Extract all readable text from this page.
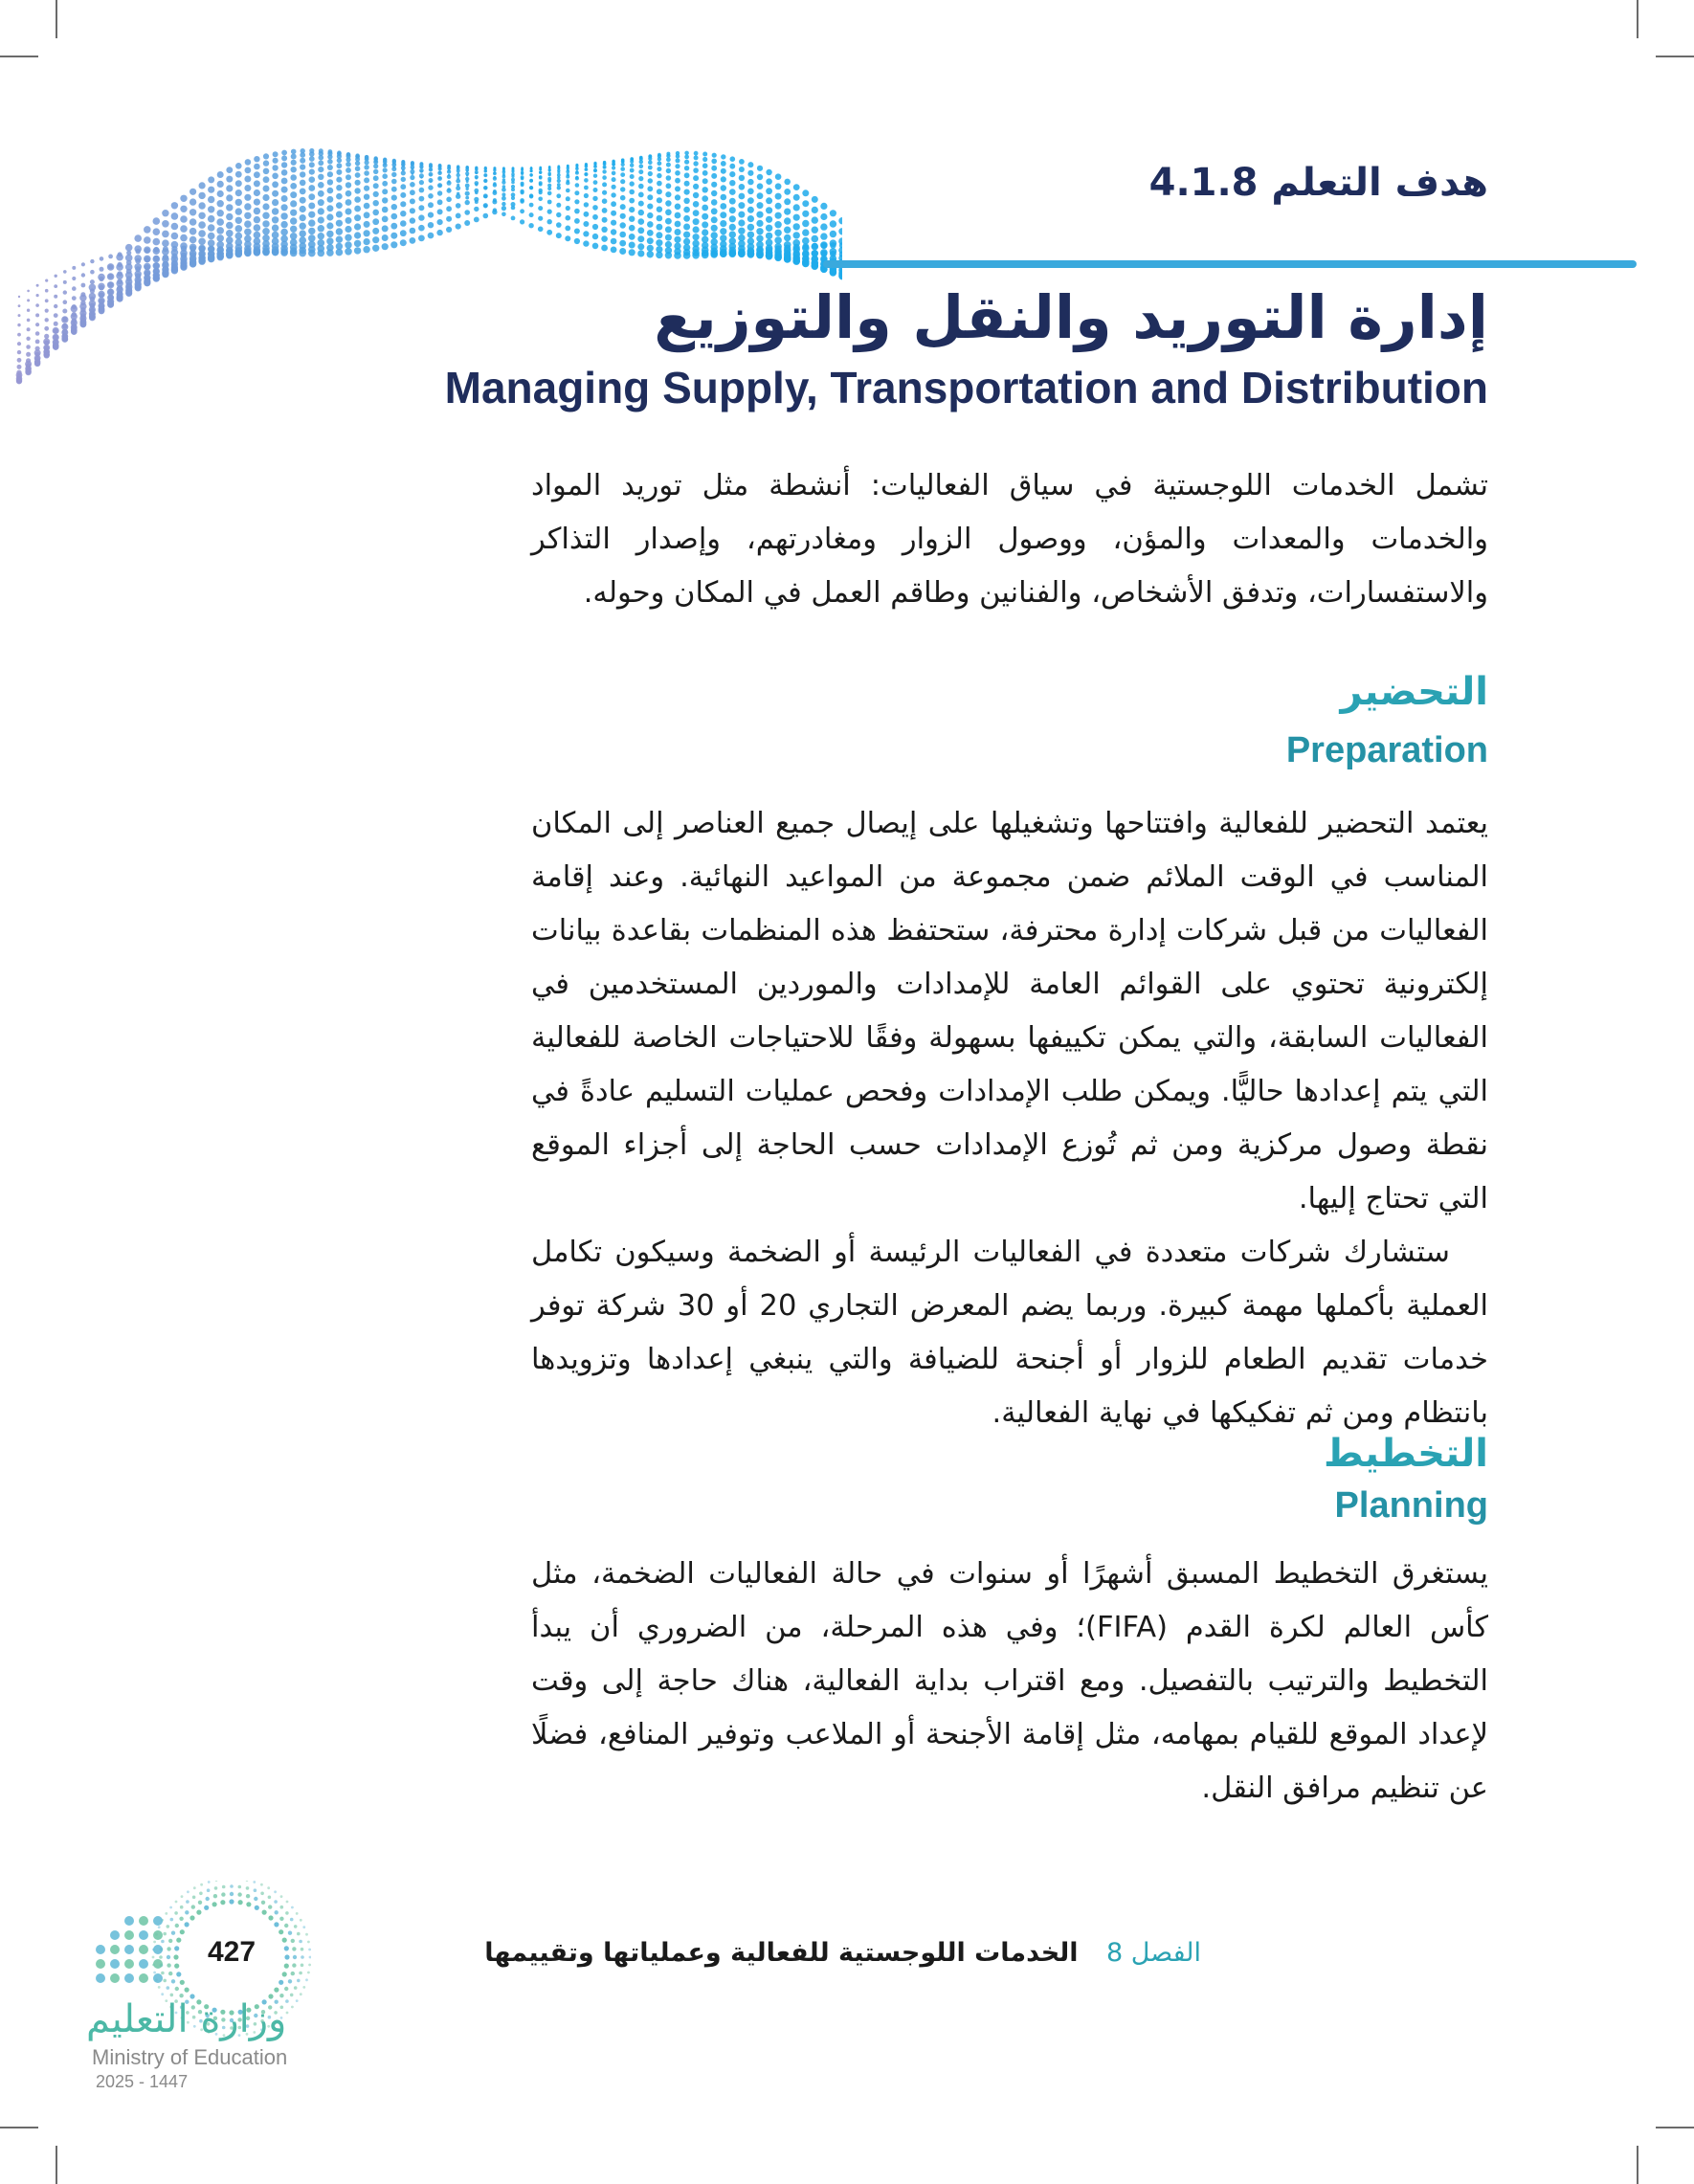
هدف التعلم 4.1.8
إدارة التوريد والنقل والتوزيع
Managing Supply, Transportation and Distribution

تشمل الخدمات اللوجستية في سياق الفعاليات: أنشطة مثل توريد المواد والخدمات والمعدات والمؤن، ووصول الزوار ومغادرتهم، وإصدار التذاكر والاستفسارات، وتدفق الأشخاص، والفنانين وطاقم العمل في المكان وحوله.

التحضير
Preparation

يعتمد التحضير للفعالية وافتتاحها وتشغيلها على إيصال جميع العناصر إلى المكان المناسب في الوقت الملائم ضمن مجموعة من المواعيد النهائية. وعند إقامة الفعاليات من قبل شركات إدارة محترفة، ستحتفظ هذه المنظمات بقاعدة بيانات إلكترونية تحتوي على القوائم العامة للإمدادات والموردين المستخدمين في الفعاليات السابقة، والتي يمكن تكييفها بسهولة وفقًا للاحتياجات الخاصة للفعالية التي يتم إعدادها حاليًّا. ويمكن طلب الإمدادات وفحص عمليات التسليم عادةً في نقطة وصول مركزية ومن ثم تُوزع الإمدادات حسب الحاجة إلى أجزاء الموقع التي تحتاج إليها.

ستشارك شركات متعددة في الفعاليات الرئيسة أو الضخمة وسيكون تكامل العملية بأكملها مهمة كبيرة. وربما يضم المعرض التجاري 20 أو 30 شركة توفر خدمات تقديم الطعام للزوار أو أجنحة للضيافة والتي ينبغي إعدادها وتزويدها بانتظام ومن ثم تفكيكها في نهاية الفعالية.

التخطيط
Planning

يستغرق التخطيط المسبق أشهرًا أو سنوات في حالة الفعاليات الضخمة، مثل كأس العالم لكرة القدم (FIFA)؛ وفي هذه المرحلة، من الضروري أن يبدأ التخطيط والترتيب بالتفصيل. ومع اقتراب بداية الفعالية، هناك حاجة إلى وقت لإعداد الموقع للقيام بمهامه، مثل إقامة الأجنحة أو الملاعب وتوفير المنافع، فضلًا عن تنظيم مرافق النقل.

الفصل 8 الخدمات اللوجستية للفعالية وعملياتها وتقييمها
427
وزارة التعليم
Ministry of Education
2025 - 1447
